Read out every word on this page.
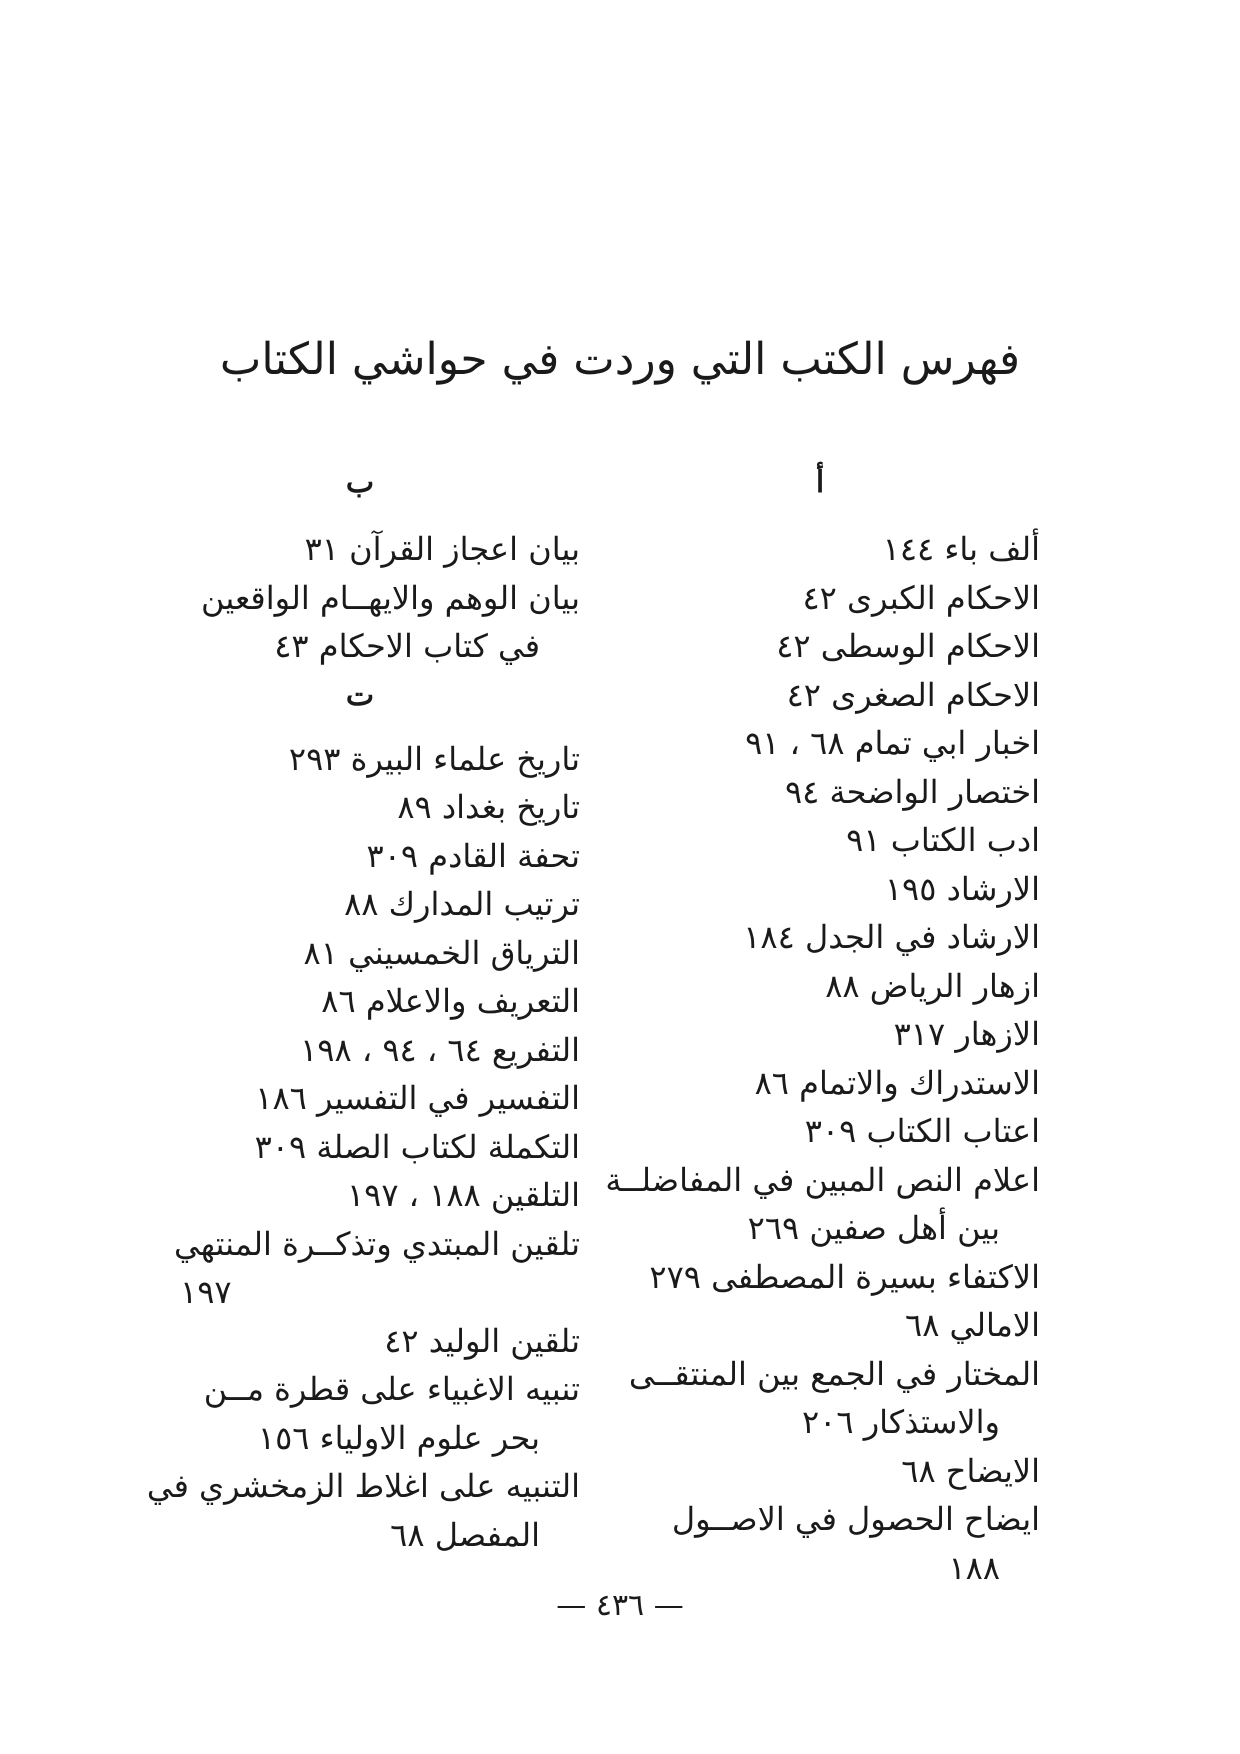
فهرس الكتب التي وردت في حواشي الكتاب
أ
ألف باء ١٤٤
الاحكام الكبرى ٤٢
الاحكام الوسطى ٤٢
الاحكام الصغرى ٤٢
اخبار ابي تمام ٦٨ ، ٩١
اختصار الواضحة ٩٤
ادب الكتاب ٩١
الارشاد ١٩٥
الارشاد في الجدل ١٨٤
ازهار الرياض ٨٨
الازهار ٣١٧
الاستدراك والاتمام ٨٦
اعتاب الكتاب ٣٠٩
اعلام النص المبين في المفاضلــة
بين أهل صفين ٢٦٩
الاكتفاء بسيرة المصطفى ٢٧٩
الامالي ٦٨
المختار في الجمع بين المنتقــى
والاستذكار ٢٠٦
الايضاح ٦٨
ايضاح الحصول في الاصــول
١٨٨
ب
بيان اعجاز القرآن ٣١
بيان الوهم والايهــام الواقعين
في كتاب الاحكام ٤٣
ت
تاريخ علماء البيرة ٢٩٣
تاريخ بغداد ٨٩
تحفة القادم ٣٠٩
ترتيب المدارك ٨٨
الترياق الخمسيني ٨١
التعريف والاعلام ٨٦
التفريع ٦٤ ، ٩٤ ، ١٩٨
التفسير في التفسير ١٨٦
التكملة لكتاب الصلة ٣٠٩
التلقين ١٨٨ ، ١٩٧
تلقين المبتدي وتذكــرة المنتهي
١٩٧
تلقين الوليد ٤٢
تنبيه الاغبياء على قطرة مــن
بحر علوم الاولياء ١٥٦
التنبيه على اغلاط الزمخشري في
المفصل ٦٨
— ٤٣٦ —
